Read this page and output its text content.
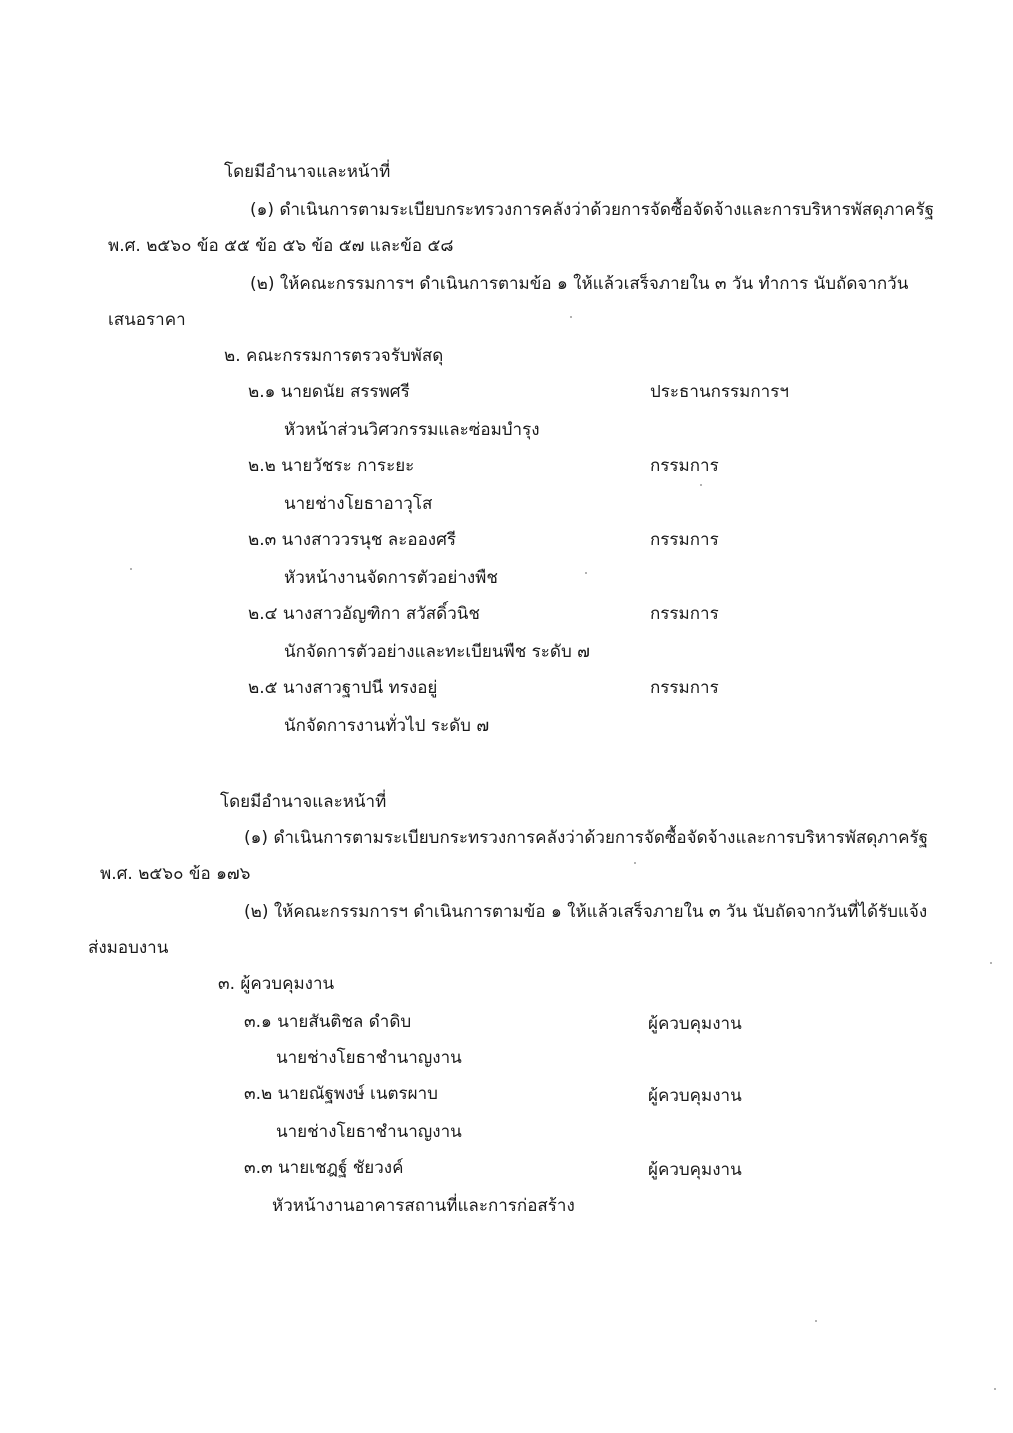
โดยมีอำนาจและหน้าที่
(๑) ดำเนินการตามระเบียบกระทรวงการคลังว่าด้วยการจัดซื้อจัดจ้างและการบริหารพัสดุภาครัฐ
พ.ศ. ๒๕๖๐ ข้อ ๕๕ ข้อ ๕๖ ข้อ ๕๗ และข้อ ๕๘
(๒) ให้คณะกรรมการฯ ดำเนินการตามข้อ ๑ ให้แล้วเสร็จภายใน ๓ วัน ทำการ นับถัดจากวัน
เสนอราคา
๒. คณะกรรมการตรวจรับพัสดุ
๒.๑ นายดนัย สรรพศรี	ประธานกรรมการฯ
หัวหน้าส่วนวิศวกรรมและซ่อมบำรุง
๒.๒ นายวัชระ การะยะ	กรรมการ
นายช่างโยธาอาวุโส
๒.๓ นางสาววรนุช ละอองศรี	กรรมการ
หัวหน้างานจัดการตัวอย่างพืช
๒.๔ นางสาวอัญฑิกา สวัสดิ์วนิช	กรรมการ
นักจัดการตัวอย่างและทะเบียนพืช ระดับ ๗
๒.๕ นางสาวฐาปนี ทรงอยู่	กรรมการ
นักจัดการงานทั่วไป ระดับ ๗
โดยมีอำนาจและหน้าที่
(๑) ดำเนินการตามระเบียบกระทรวงการคลังว่าด้วยการจัดซื้อจัดจ้างและการบริหารพัสดุภาครัฐ
พ.ศ. ๒๕๖๐ ข้อ ๑๗๖
(๒) ให้คณะกรรมการฯ ดำเนินการตามข้อ ๑ ให้แล้วเสร็จภายใน ๓ วัน นับถัดจากวันที่ได้รับแจ้ง
ส่งมอบงาน
๓. ผู้ควบคุมงาน
๓.๑ นายสันติชล ดำดิบ	ผู้ควบคุมงาน
นายช่างโยธาชำนาญงาน
๓.๒ นายณัฐพงษ์ เนตรผาบ	ผู้ควบคุมงาน
นายช่างโยธาชำนาญงาน
๓.๓ นายเชฎฐ์ ชัยวงค์	ผู้ควบคุมงาน
หัวหน้างานอาคารสถานที่และการก่อสร้าง
